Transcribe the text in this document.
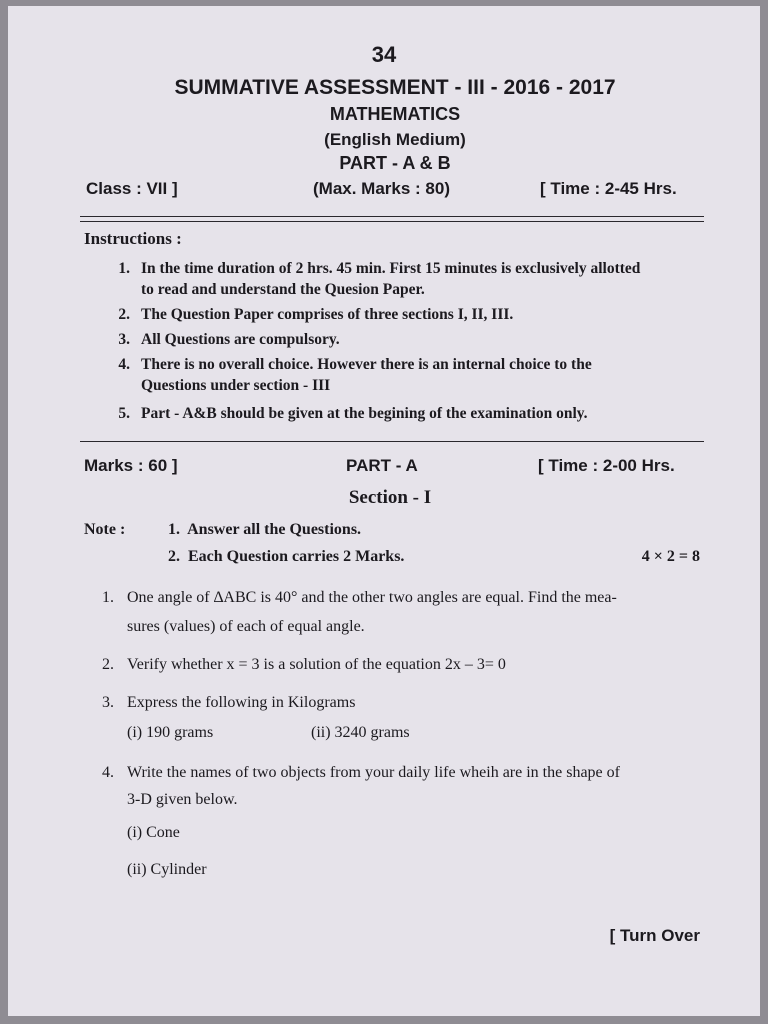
34
SUMMATIVE ASSESSMENT - III - 2016 - 2017
MATHEMATICS
(English Medium)
PART - A & B
Class : VII ]	(Max. Marks : 80)	[ Time : 2-45 Hrs.
Instructions :
1. In the time duration of 2 hrs. 45 min. First 15 minutes is exclusively allotted
to read and understand the Quesion Paper.
2. The Question Paper comprises of three sections I, II, III.
3. All Questions are compulsory.
4. There is no overall choice. However there is an internal choice to the
Questions under section - III
5. Part - A&B should be given at the begining of the examination only.
Marks : 60 ]	PART - A	[ Time : 2-00 Hrs.
Section - I
Note :	1.  Answer all the Questions.
2.  Each Question carries 2 Marks.	4 × 2 = 8
1. One angle of ∆ABC is 40° and the other two angles are equal. Find the mea-
sures (values) of each of equal angle.
2. Verify whether x = 3 is a solution of the equation 2x – 3= 0
3. Express the following in Kilograms
(i) 190 grams	(ii) 3240 grams
4. Write the names of two objects from your daily life wheih are in the shape of
3-D given below.
(i) Cone
(ii) Cylinder
[ Turn Over
